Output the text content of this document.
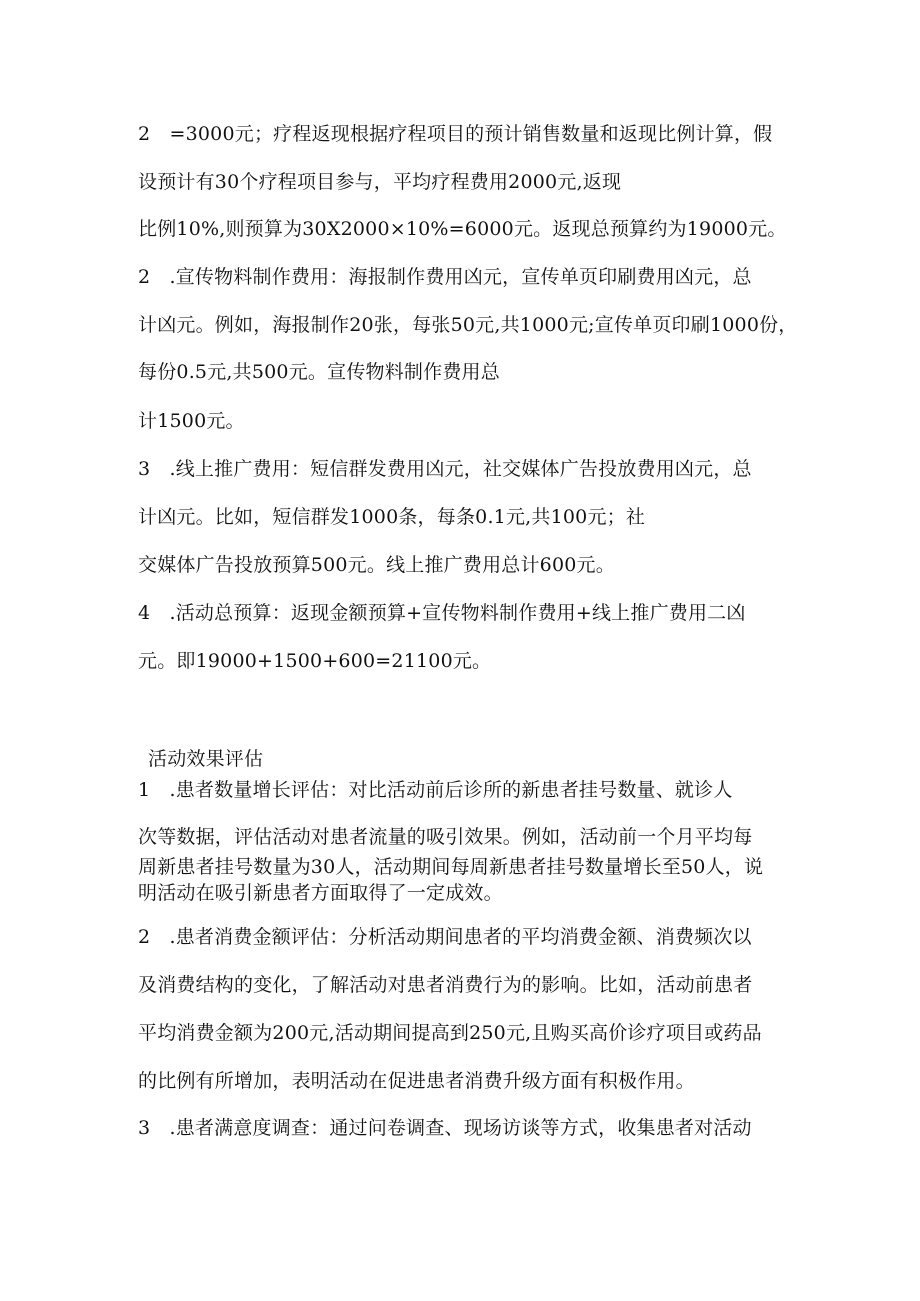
2　=3000元；疗程返现根据疗程项目的预计销售数量和返现比例计算，假

设预计有30个疗程项目参与，平均疗程费用2000元,返现

比例10%,则预算为30X2000×10%=6000元。返现总预算约为19000元。

2　.宣传物料制作费用：海报制作费用凶元，宣传单页印刷费用凶元，总

计凶元。例如，海报制作20张，每张50元,共1000元;宣传单页印刷1000份，

每份0.5元,共500元。宣传物料制作费用总

计1500元。

3　.线上推广费用：短信群发费用凶元，社交媒体广告投放费用凶元，总

计凶元。比如，短信群发1000条，每条0.1元,共100元；社

交媒体广告投放预算500元。线上推广费用总计600元。

4　.活动总预算：返现金额预算+宣传物料制作费用+线上推广费用二凶

元。即19000+1500+600=21100元。

活动效果评估

1　.患者数量增长评估：对比活动前后诊所的新患者挂号数量、就诊人

次等数据，评估活动对患者流量的吸引效果。例如，活动前一个月平均每

周新患者挂号数量为30人，活动期间每周新患者挂号数量增长至50人，说

明活动在吸引新患者方面取得了一定成效。

2　.患者消费金额评估：分析活动期间患者的平均消费金额、消费频次以

及消费结构的变化，了解活动对患者消费行为的影响。比如，活动前患者

平均消费金额为200元,活动期间提高到250元,且购买高价诊疗项目或药品

的比例有所增加，表明活动在促进患者消费升级方面有积极作用。

3　.患者满意度调查：通过问卷调查、现场访谈等方式，收集患者对活动
